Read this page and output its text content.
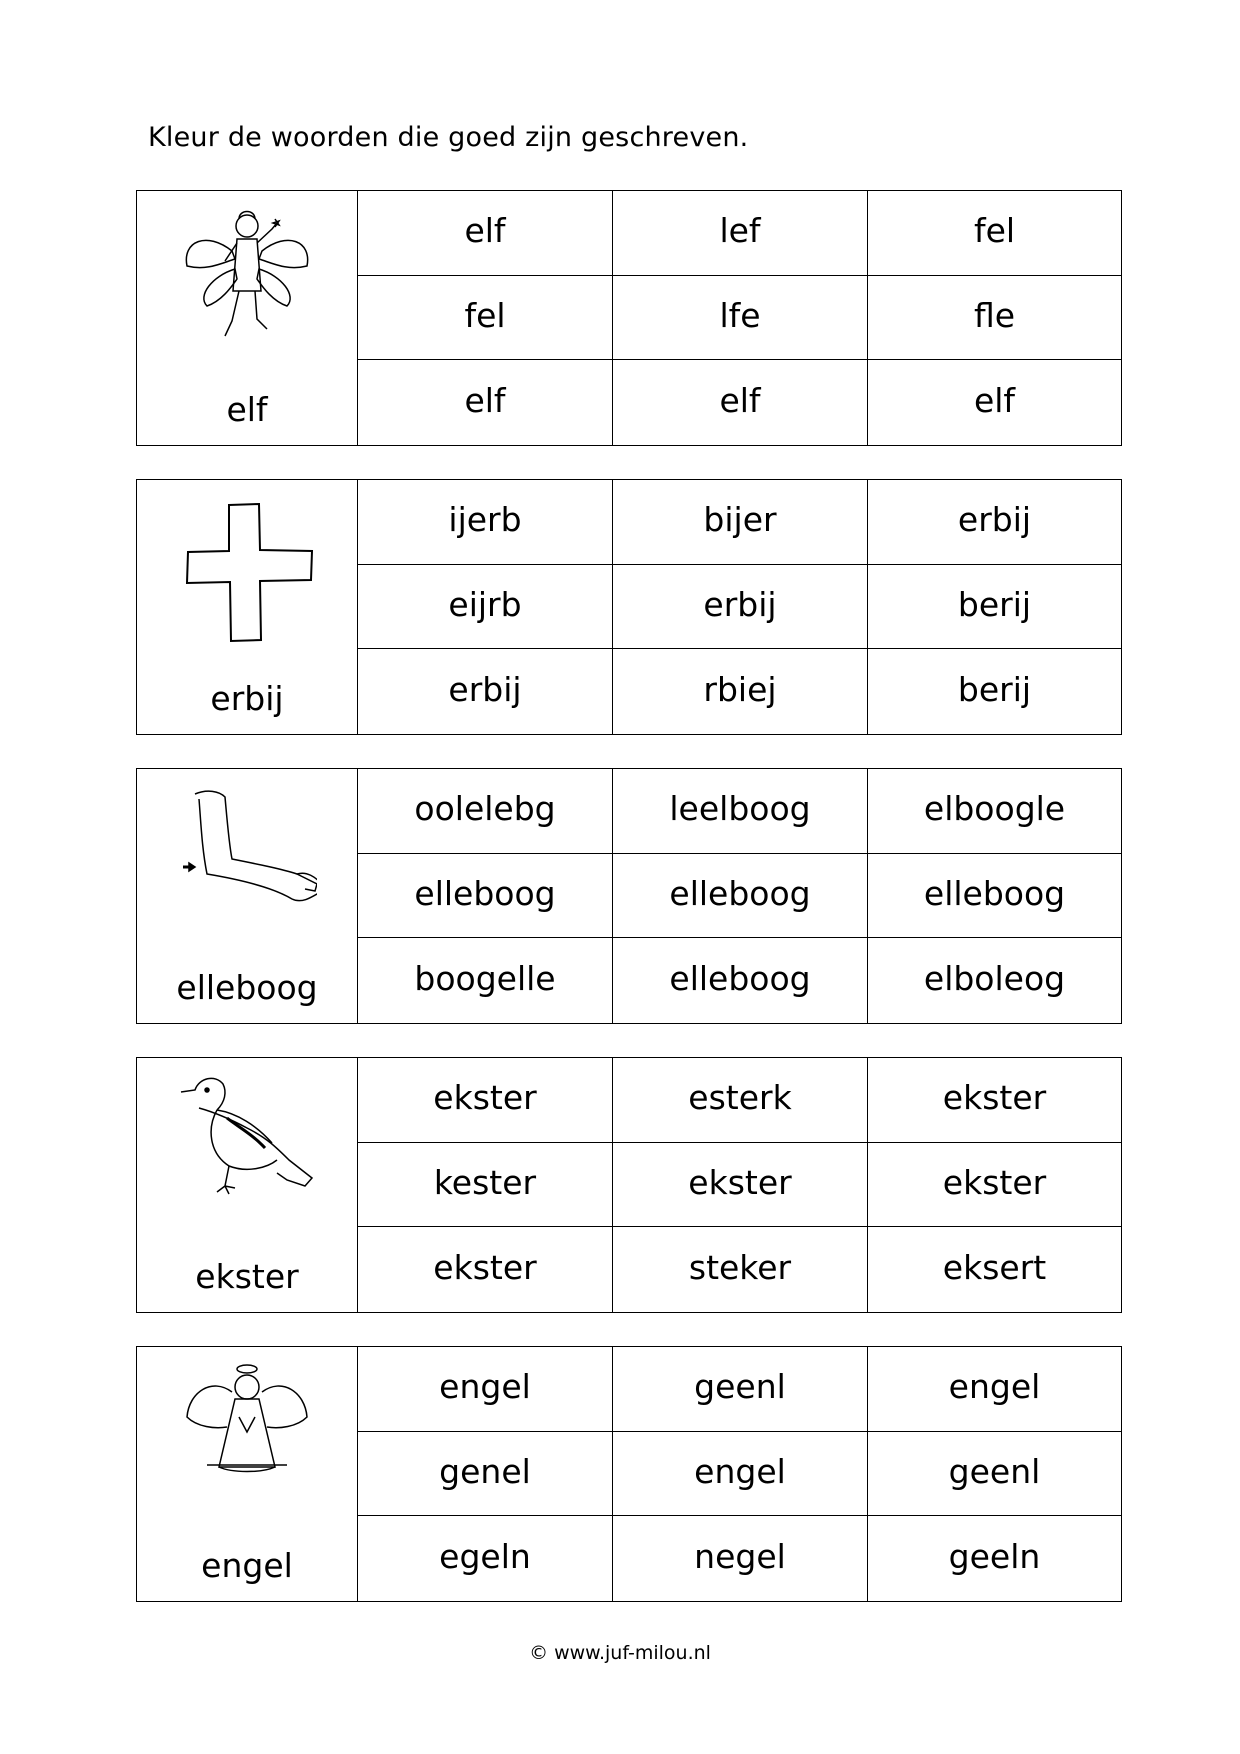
Kleur de woorden die goed zijn geschreven.
elf
elf	lef	fel
fel	lfe	fle
elf	elf	elf
erbij
ijerb	bijer	erbij
eijrb	erbij	berij
erbij	rbiej	berij
elleboog
oolelebg	leelboog	elboogle
elleboog	elleboog	elleboog
boogelle	elleboog	elboleog
ekster
ekster	esterk	ekster
kester	ekster	ekster
ekster	steker	eksert
engel
engel	geenl	engel
genel	engel	geenl
egeln	negel	geeln
© www.juf-milou.nl
